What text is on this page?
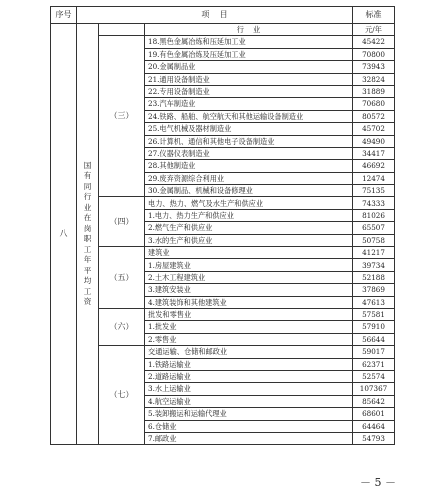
序号	项    目			标准
八	国有同行业在岗职工年平均工资		行    业	元/年
		（三）	18.黑色金属冶炼和压延加工业	45422
			19.有色金属冶炼及压延加工业	70800
			20.金属制品业	73943
			21.通用设备制造业	32824
			22.专用设备制造业	31889
			23.汽车制造业	70680
			24.铁路、船舶、航空航天和其他运输设备制造业	80572
			25.电气机械及器材制造业	45702
			26.计算机、通信和其他电子设备制造业	49490
			27.仪器仪表制造业	34417
			28.其他制造业	46692
			29.废弃资源综合利用业	12474
			30.金属制品、机械和设备修理业	75135
		（四）	电力、热力、燃气及水生产和供应业	74333
			1.电力、热力生产和供应业	81026
			2.燃气生产和供应业	65507
			3.水的生产和供应业	50758
		（五）	建筑业	41217
			1.房屋建筑业	39734
			2.土木工程建筑业	52188
			3.建筑安装业	37869
			4.建筑装饰和其他建筑业	47613
		（六）	批发和零售业	57581
			1.批发业	57910
			2.零售业	56644
		（七）	交通运输、仓储和邮政业	59017
			1.铁路运输业	62371
			2.道路运输业	52574
			3.水上运输业	107367
			4.航空运输业	85642
			5.装卸搬运和运输代理业	68601
			6.仓储业	64464
			7.邮政业	54793
－ 5 －
